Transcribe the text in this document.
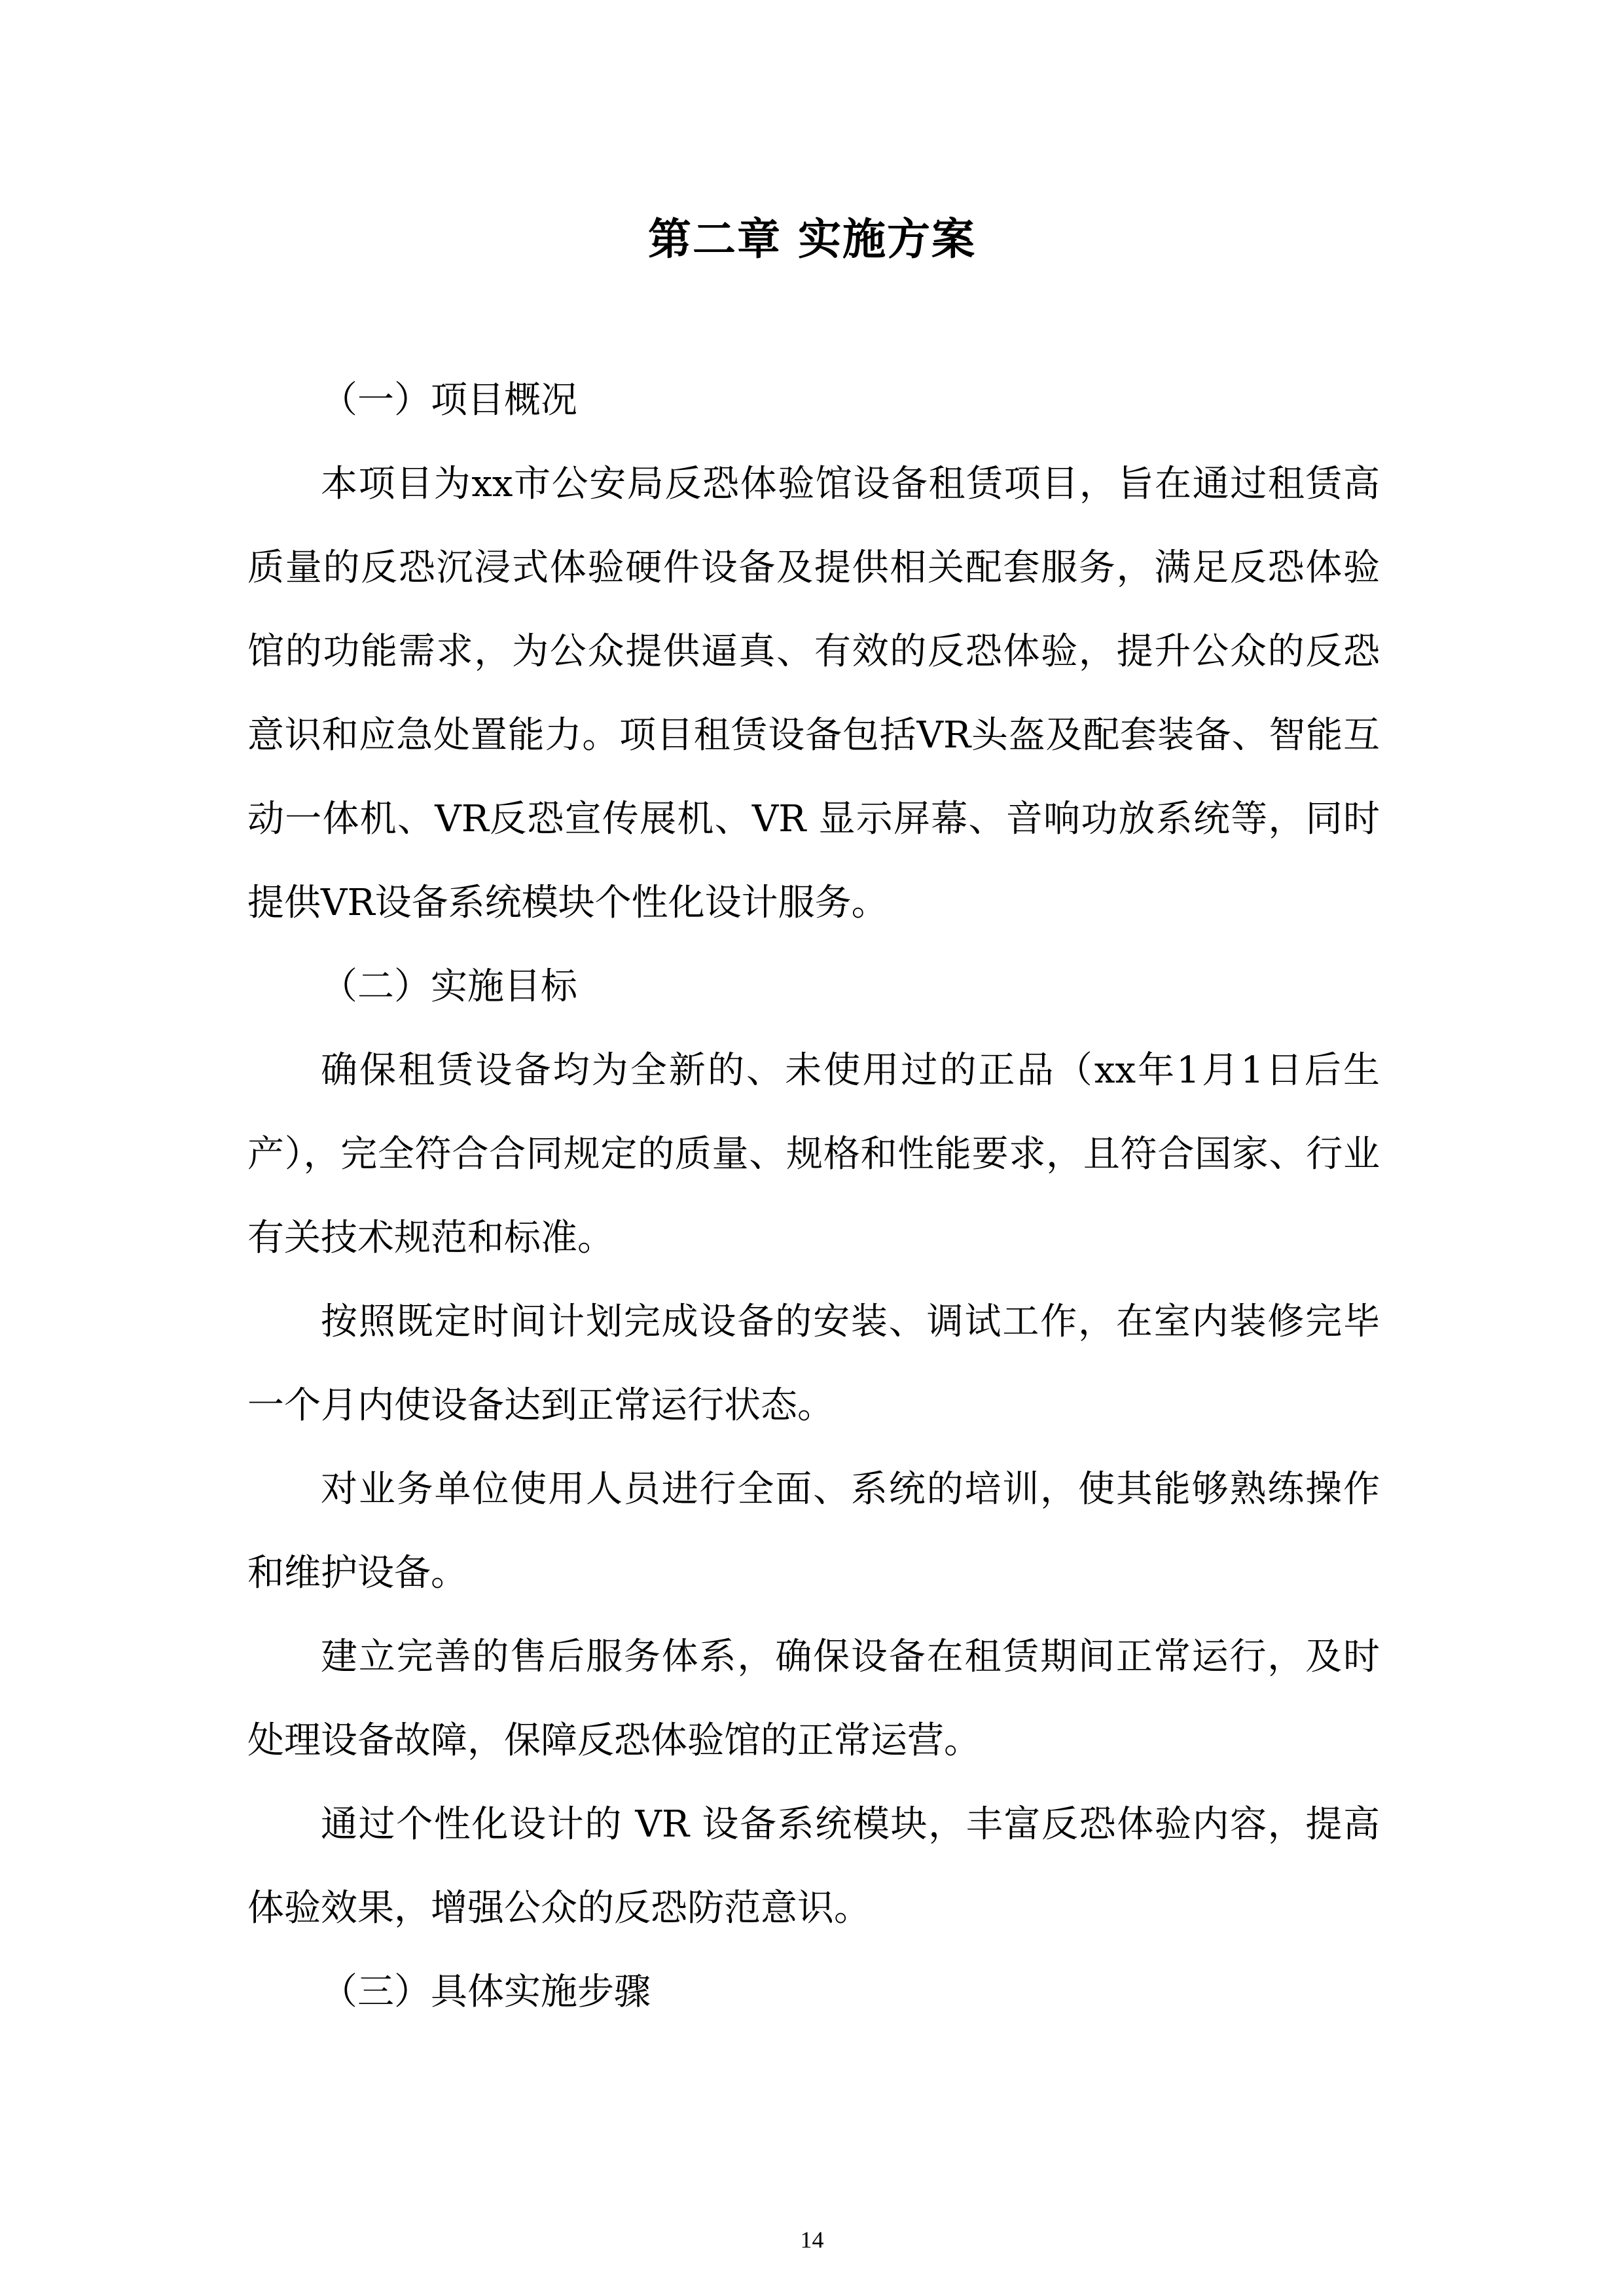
第二章 实施方案
（一）项目概况

本项目为xx市公安局反恐体验馆设备租赁项目，旨在通过租赁高质量的反恐沉浸式体验硬件设备及提供相关配套服务，满足反恐体验馆的功能需求，为公众提供逼真、有效的反恐体验，提升公众的反恐意识和应急处置能力。项目租赁设备包括VR头盔及配套装备、智能互动一体机、VR反恐宣传展机、VR 显示屏幕、音响功放系统等，同时提供VR设备系统模块个性化设计服务。

（二）实施目标

确保租赁设备均为全新的、未使用过的正品（xx年1月1日后生产），完全符合合同规定的质量、规格和性能要求，且符合国家、行业有关技术规范和标准。

按照既定时间计划完成设备的安装、调试工作，在室内装修完毕一个月内使设备达到正常运行状态。

对业务单位使用人员进行全面、系统的培训，使其能够熟练操作和维护设备。

建立完善的售后服务体系，确保设备在租赁期间正常运行，及时处理设备故障，保障反恐体验馆的正常运营。

通过个性化设计的 VR 设备系统模块，丰富反恐体验内容，提高体验效果，增强公众的反恐防范意识。

（三）具体实施步骤
14
